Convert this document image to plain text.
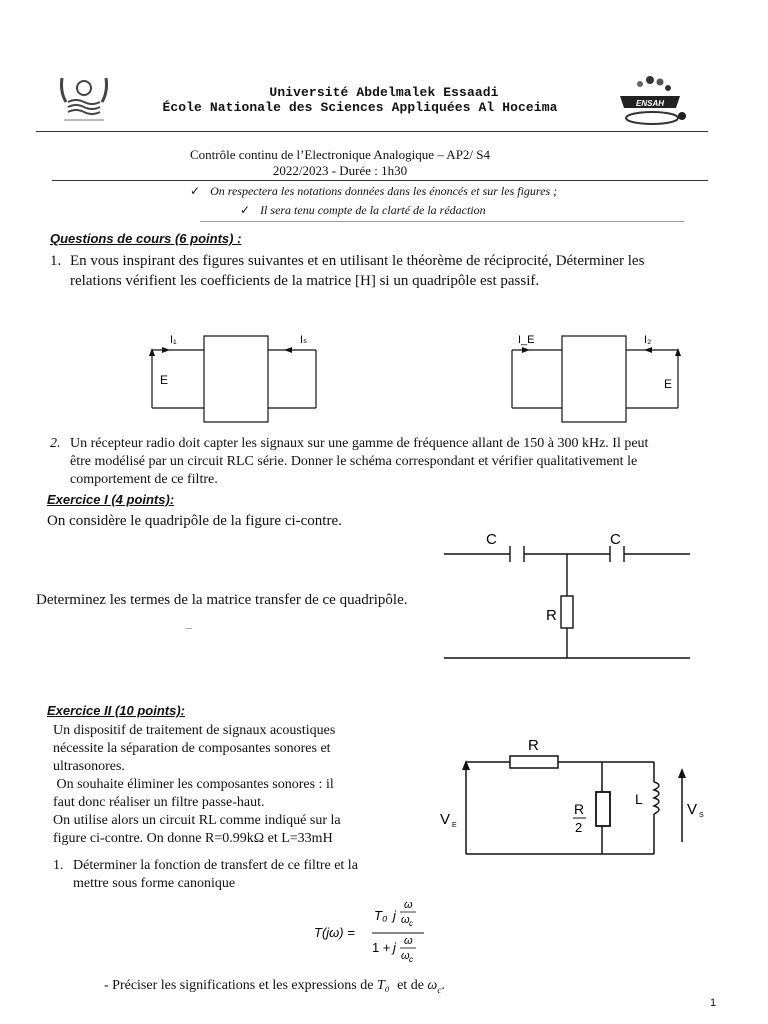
Université Abdelmalek Essaadi
École Nationale des Sciences Appliquées Al Hoceima	ENSAH
Contrôle continu de l’Electronique Analogique – AP2/ S4
2022/2023 - Durée : 1h30
✓ On respectera les notations données dans les énoncés et sur les figures ;
✓ Il sera tenu compte de la clarté de la rédaction
Questions de cours (6 points) :
1. En vous inspirant des figures suivantes et en utilisant le théorème de réciprocité, Déterminer les
relations vérifient les coefficients de la matrice [H] si un quadripôle est passif.
I₁	Iₛ
E
I_E	I₂
E
2. Un récepteur radio doit capter les signaux sur une gamme de fréquence allant de 150 à 300 kHz. Il peut
être modélisé par un circuit RLC série. Donner le schéma correspondant et vérifier qualitativement le
comportement de ce filtre.
Exercice I (4 points):
On considère le quadripôle de la figure ci-contre.
Determinez les termes de la matrice transfer de ce quadripôle.
C	C
R
Exercice II (10 points):
Un dispositif de traitement de signaux acoustiques
nécessite la séparation de composantes sonores et
ultrasonores.
On souhaite éliminer les composantes sonores : il
faut donc réaliser un filtre passe-haut.
On utilise alors un circuit RL comme indiqué sur la
figure ci-contre. On donne R=0.99kΩ et L=33mH
R
R
2
L
V E
V S
1. Déterminer la fonction de transfert de ce filtre et la
mettre sous forme canonique
T(jω) =
T₀ j
ω
ω c
1 + j ω
ω c
- Préciser les significations et les expressions de T₀ et de $\omega_c$.
1
